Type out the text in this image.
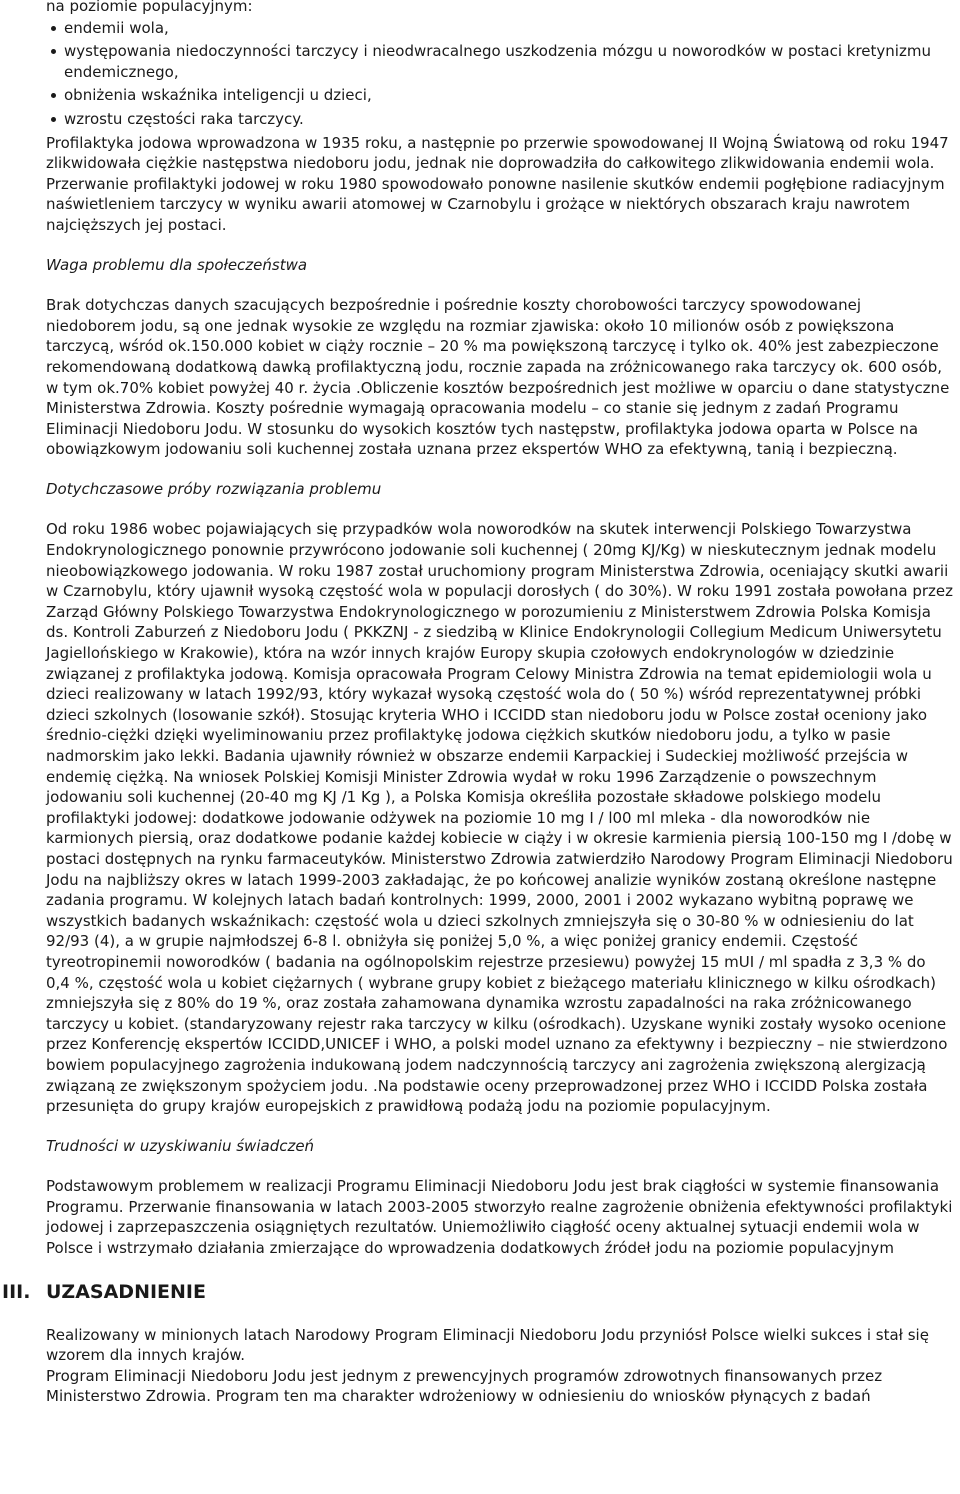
na poziomie populacyjnym:

endemii wola,
występowania niedoczynności tarczycy i nieodwracalnego uszkodzenia mózgu u noworodków w postaci kretynizmu endemicznego,
obniżenia wskaźnika inteligencji u dzieci,
wzrostu częstości raka tarczycy.

Profilaktyka jodowa wprowadzona w 1935 roku, a następnie po przerwie spowodowanej II Wojną Światową od roku 1947 zlikwidowała ciężkie następstwa niedoboru jodu, jednak nie doprowadziła do całkowitego zlikwidowania endemii wola. Przerwanie profilaktyki jodowej w roku 1980 spowodowało ponowne nasilenie skutków endemii pogłębione radiacyjnym naświetleniem tarczycy w wyniku awarii atomowej w Czarnobylu i grożące w niektórych obszarach kraju nawrotem najcięższych jej postaci.

Waga problemu dla społeczeństwa

Brak dotychczas danych szacujących bezpośrednie i pośrednie koszty chorobowości tarczycy spowodowanej niedoborem jodu, są one jednak wysokie ze względu na rozmiar zjawiska: około 10 milionów osób z powiększona tarczycą, wśród ok.150.000 kobiet w ciąży rocznie – 20 % ma powiększoną tarczycę i tylko ok. 40% jest zabezpieczone rekomendowaną dodatkową dawką profilaktyczną jodu, rocznie zapada na zróżnicowanego raka tarczycy ok. 600 osób, w tym ok.70% kobiet powyżej 40 r. życia .Obliczenie kosztów bezpośrednich jest możliwe w oparciu o dane statystyczne Ministerstwa Zdrowia. Koszty pośrednie wymagają opracowania modelu – co stanie się jednym z zadań Programu Eliminacji Niedoboru Jodu. W stosunku do wysokich kosztów tych następstw, profilaktyka jodowa oparta w Polsce na obowiązkowym jodowaniu soli kuchennej została uznana przez ekspertów WHO za efektywną, tanią i bezpieczną.

Dotychczasowe próby rozwiązania problemu

Od roku 1986 wobec pojawiających się przypadków wola noworodków na skutek interwencji Polskiego Towarzystwa Endokrynologicznego ponownie przywrócono jodowanie soli kuchennej ( 20mg KJ/Kg) w nieskutecznym jednak modelu nieobowiązkowego jodowania. W roku 1987 został uruchomiony program Ministerstwa Zdrowia, oceniający skutki awarii w Czarnobylu, który ujawnił wysoką częstość wola w populacji dorosłych ( do 30%). W roku 1991 została powołana przez Zarząd Główny Polskiego Towarzystwa Endokrynologicznego w porozumieniu z Ministerstwem Zdrowia Polska Komisja ds. Kontroli Zaburzeń z Niedoboru Jodu ( PKKZNJ - z siedzibą w Klinice Endokrynologii Collegium Medicum Uniwersytetu Jagiellońskiego w Krakowie), która na wzór innych krajów Europy skupia czołowych endokrynologów w dziedzinie związanej z profilaktyka jodową. Komisja opracowała Program Celowy Ministra Zdrowia na temat epidemiologii wola u dzieci realizowany w latach 1992/93, który wykazał wysoką częstość wola do ( 50 %) wśród reprezentatywnej próbki dzieci szkolnych (losowanie szkół). Stosując kryteria WHO i ICCIDD stan niedoboru jodu w Polsce został oceniony jako średnio-ciężki dzięki wyeliminowaniu przez profilaktykę jodowa ciężkich skutków niedoboru jodu, a tylko w pasie nadmorskim jako lekki. Badania ujawniły również w obszarze endemii Karpackiej i Sudeckiej możliwość przejścia w endemię ciężką. Na wniosek Polskiej Komisji Minister Zdrowia wydał w roku 1996 Zarządzenie o powszechnym jodowaniu soli kuchennej (20-40 mg KJ /1 Kg ), a Polska Komisja określiła pozostałe składowe polskiego modelu profilaktyki jodowej: dodatkowe jodowanie odżywek na poziomie 10 mg I / l00 ml mleka - dla noworodków nie karmionych piersią, oraz dodatkowe podanie każdej kobiecie w ciąży i w okresie karmienia piersią 100-150 mg I /dobę w postaci dostępnych na rynku farmaceutyków. Ministerstwo Zdrowia zatwierdziło Narodowy Program Eliminacji Niedoboru Jodu na najbliższy okres w latach 1999-2003 zakładając, że po końcowej analizie wyników zostaną określone następne zadania programu. W kolejnych latach badań kontrolnych: 1999, 2000, 2001 i 2002 wykazano wybitną poprawę we wszystkich badanych wskaźnikach: częstość wola u dzieci szkolnych zmniejszyła się o 30-80 % w odniesieniu do lat 92/93 (4), a w grupie najmłodszej 6-8 l. obniżyła się poniżej 5,0 %, a więc poniżej granicy endemii. Częstość tyreotropinemii noworodków ( badania na ogólnopolskim rejestrze przesiewu) powyżej 15 mUI / ml spadła z 3,3 % do 0,4 %, częstość wola u kobiet ciężarnych ( wybrane grupy kobiet z bieżącego materiału klinicznego w kilku ośrodkach) zmniejszyła się z 80% do 19 %, oraz została zahamowana dynamika wzrostu zapadalności na raka zróżnicowanego tarczycy u kobiet. (standaryzowany rejestr raka tarczycy w kilku (ośrodkach). Uzyskane wyniki zostały wysoko ocenione przez Konferencję ekspertów ICCIDD,UNICEF i WHO, a polski model uznano za efektywny i bezpieczny – nie stwierdzono bowiem populacyjnego zagrożenia indukowaną jodem nadczynnością tarczycy ani zagrożenia zwiększoną alergizacją związaną ze zwiększonym spożyciem jodu. .Na podstawie oceny przeprowadzonej przez WHO i ICCIDD Polska została przesunięta do grupy krajów europejskich z prawidłową podażą jodu na poziomie populacyjnym.

Trudności w uzyskiwaniu świadczeń

Podstawowym problemem w realizacji Programu Eliminacji Niedoboru Jodu jest brak ciągłości w systemie finansowania Programu. Przerwanie finansowania w latach 2003-2005 stworzyło realne zagrożenie obniżenia efektywności profilaktyki jodowej i zaprzepaszczenia osiągniętych rezultatów. Uniemożliwiło ciągłość oceny aktualnej sytuacji endemii wola w Polsce i wstrzymało działania zmierzające do wprowadzenia dodatkowych źródeł jodu na poziomie populacyjnym

III. UZASADNIENIE

Realizowany w minionych latach Narodowy Program Eliminacji Niedoboru Jodu przyniósł Polsce wielki sukces i stał się wzorem dla innych krajów.

Program Eliminacji Niedoboru Jodu jest jednym z prewencyjnych programów zdrowotnych finansowanych przez Ministerstwo Zdrowia. Program ten ma charakter wdrożeniowy w odniesieniu do wniosków płynących z badań
